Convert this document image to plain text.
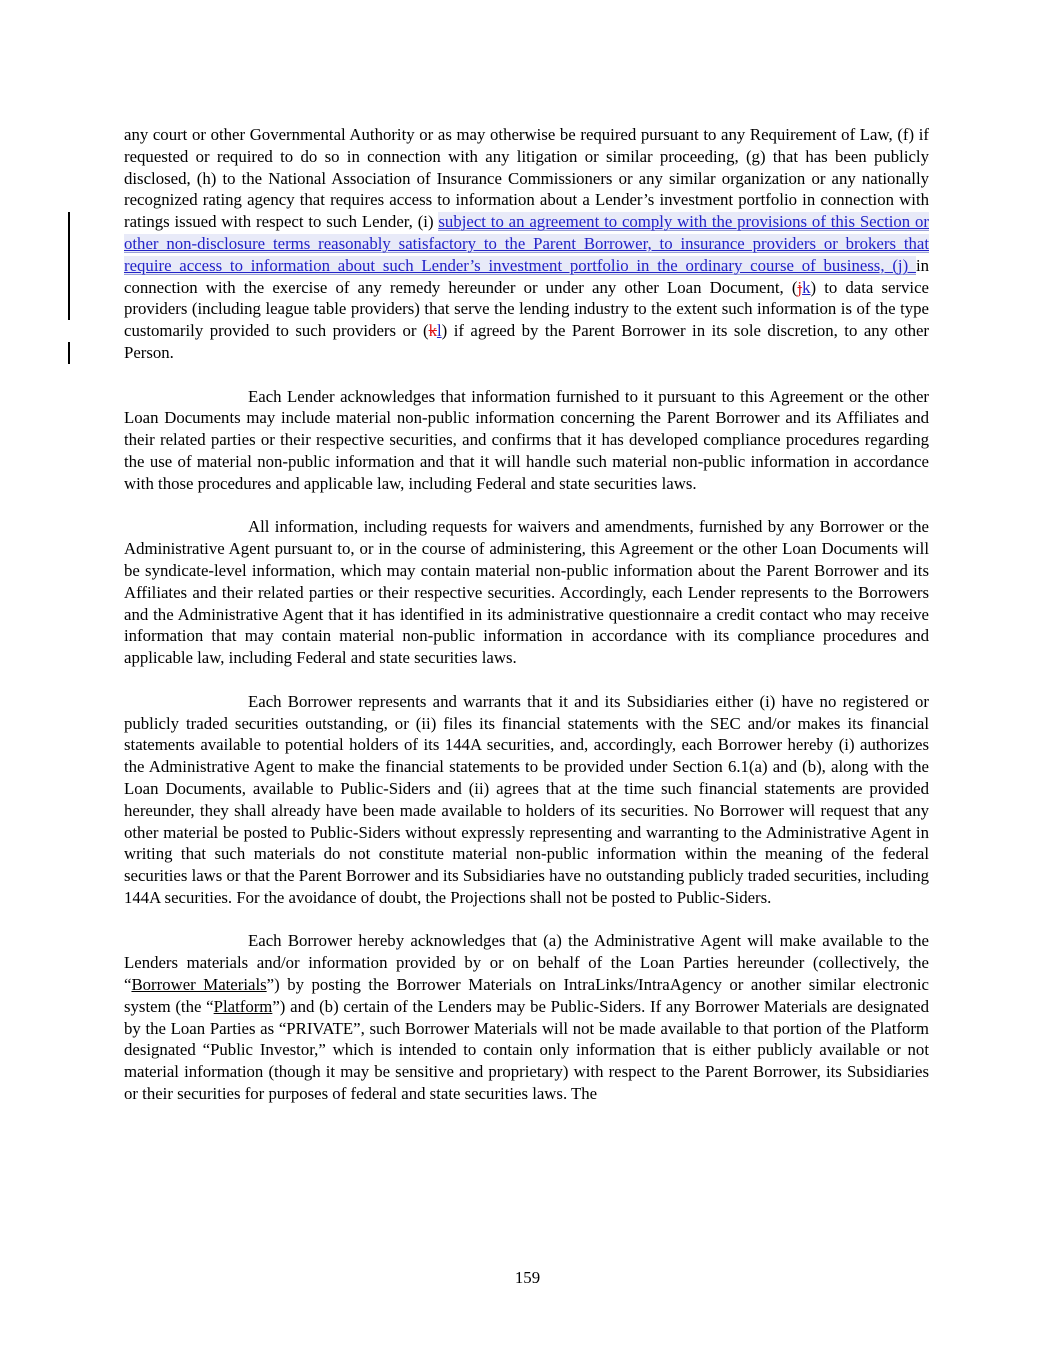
any court or other Governmental Authority or as may otherwise be required pursuant to any Requirement of Law, (f) if requested or required to do so in connection with any litigation or similar proceeding, (g) that has been publicly disclosed, (h) to the National Association of Insurance Commissioners or any similar organization or any nationally recognized rating agency that requires access to information about a Lender’s investment portfolio in connection with ratings issued with respect to such Lender, (i) subject to an agreement to comply with the provisions of this Section or other non-disclosure terms reasonably satisfactory to the Parent Borrower, to insurance providers or brokers that require access to information about such Lender’s investment portfolio in the ordinary course of business, (j) in connection with the exercise of any remedy hereunder or under any other Loan Document, (jk) to data service providers (including league table providers) that serve the lending industry to the extent such information is of the type customarily provided to such providers or (kl) if agreed by the Parent Borrower in its sole discretion, to any other Person.

Each Lender acknowledges that information furnished to it pursuant to this Agreement or the other Loan Documents may include material non-public information concerning the Parent Borrower and its Affiliates and their related parties or their respective securities, and confirms that it has developed compliance procedures regarding the use of material non-public information and that it will handle such material non-public information in accordance with those procedures and applicable law, including Federal and state securities laws.

All information, including requests for waivers and amendments, furnished by any Borrower or the Administrative Agent pursuant to, or in the course of administering, this Agreement or the other Loan Documents will be syndicate-level information, which may contain material non-public information about the Parent Borrower and its Affiliates and their related parties or their respective securities. Accordingly, each Lender represents to the Borrowers and the Administrative Agent that it has identified in its administrative questionnaire a credit contact who may receive information that may contain material non-public information in accordance with its compliance procedures and applicable law, including Federal and state securities laws.

Each Borrower represents and warrants that it and its Subsidiaries either (i) have no registered or publicly traded securities outstanding, or (ii) files its financial statements with the SEC and/or makes its financial statements available to potential holders of its 144A securities, and, accordingly, each Borrower hereby (i) authorizes the Administrative Agent to make the financial statements to be provided under Section 6.1(a) and (b), along with the Loan Documents, available to Public-Siders and (ii) agrees that at the time such financial statements are provided hereunder, they shall already have been made available to holders of its securities. No Borrower will request that any other material be posted to Public-Siders without expressly representing and warranting to the Administrative Agent in writing that such materials do not constitute material non-public information within the meaning of the federal securities laws or that the Parent Borrower and its Subsidiaries have no outstanding publicly traded securities, including 144A securities. For the avoidance of doubt, the Projections shall not be posted to Public-Siders.

Each Borrower hereby acknowledges that (a) the Administrative Agent will make available to the Lenders materials and/or information provided by or on behalf of the Loan Parties hereunder (collectively, the “Borrower Materials”) by posting the Borrower Materials on IntraLinks/IntraAgency or another similar electronic system (the “Platform”) and (b) certain of the Lenders may be Public-Siders. If any Borrower Materials are designated by the Loan Parties as “PRIVATE”, such Borrower Materials will not be made available to that portion of the Platform designated “Public Investor,” which is intended to contain only information that is either publicly available or not material information (though it may be sensitive and proprietary) with respect to the Parent Borrower, its Subsidiaries or their securities for purposes of federal and state securities laws. The

159
